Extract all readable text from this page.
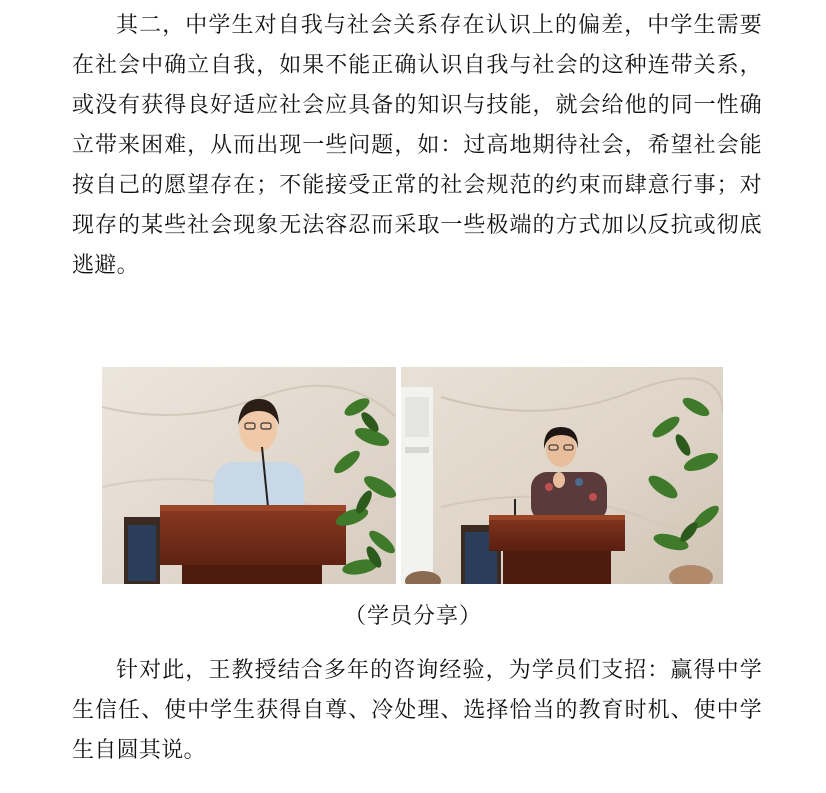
其二，中学生对自我与社会关系存在认识上的偏差，中学生需要在社会中确立自我，如果不能正确认识自我与社会的这种连带关系，或没有获得良好适应社会应具备的知识与技能，就会给他的同一性确立带来困难，从而出现一些问题，如：过高地期待社会，希望社会能按自己的愿望存在；不能接受正常的社会规范的约束而肆意行事；对现存的某些社会现象无法容忍而采取一些极端的方式加以反抗或彻底逃避。

（学员分享）

针对此，王教授结合多年的咨询经验，为学员们支招：赢得中学生信任、使中学生获得自尊、冷处理、选择恰当的教育时机、使中学生自圆其说。
